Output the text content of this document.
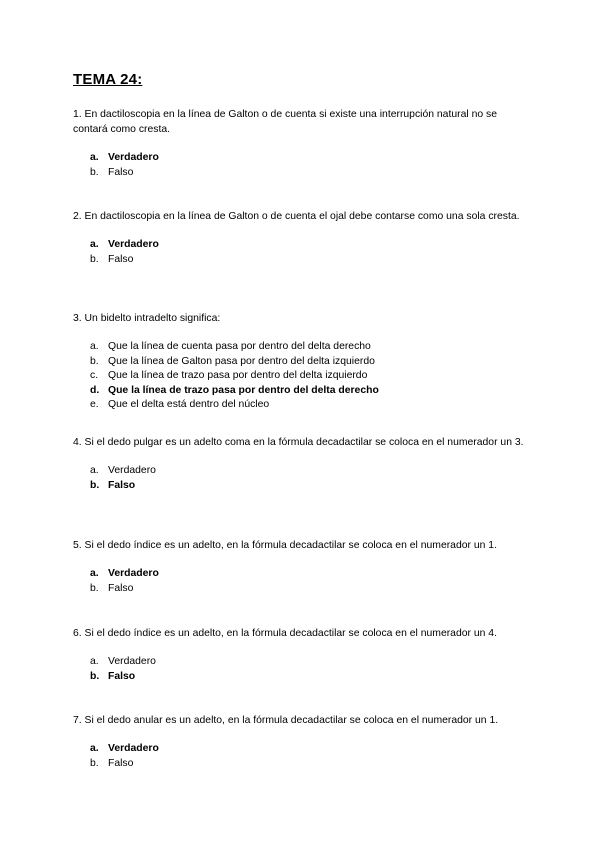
TEMA 24:

1. En dactiloscopia en la línea de Galton o de cuenta si existe una interrupción natural no se contará como cresta.

a. Verdadero
b. Falso

2. En dactiloscopia en la línea de Galton o de cuenta el ojal debe contarse como una sola cresta.

a. Verdadero
b. Falso

3. Un bidelto intradelto significa:

a. Que la línea de cuenta pasa por dentro del delta derecho
b. Que la línea de Galton pasa por dentro del delta izquierdo
c. Que la línea de trazo pasa por dentro del delta izquierdo
d. Que la línea de trazo pasa por dentro del delta derecho
e. Que el delta está dentro del núcleo

4. Si el dedo pulgar es un adelto coma en la fórmula decadactilar se coloca en el numerador un 3.

a. Verdadero
b. Falso

5. Si el dedo índice es un adelto, en la fórmula decadactilar se coloca en el numerador un 1.

a. Verdadero
b. Falso

6. Si el dedo índice es un adelto, en la fórmula decadactilar se coloca en el numerador un 4.

a. Verdadero
b. Falso

7. Si el dedo anular es un adelto, en la fórmula decadactilar se coloca en el numerador un 1.

a. Verdadero
b. Falso
